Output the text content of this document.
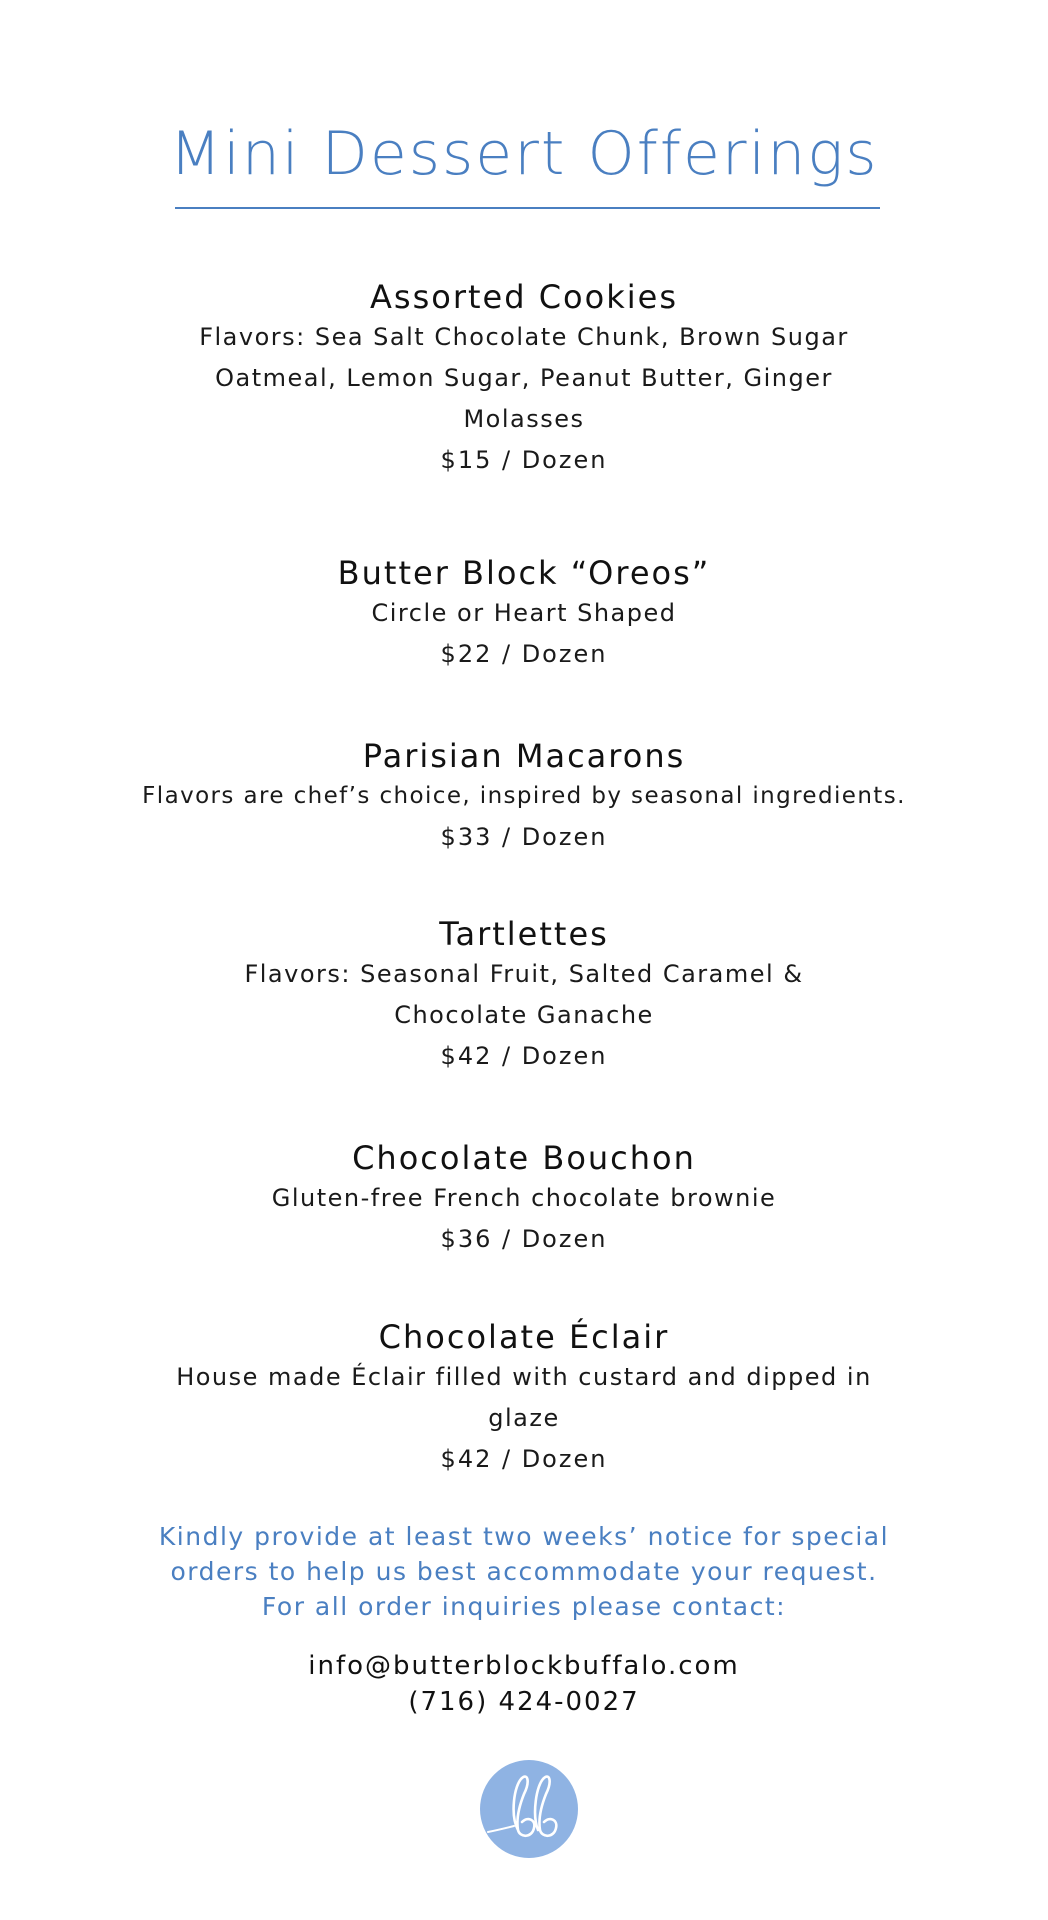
Mini Dessert Offerings
Assorted Cookies
Flavors: Sea Salt Chocolate Chunk, Brown Sugar Oatmeal, Lemon Sugar, Peanut Butter, Ginger Molasses
$15 / Dozen
Butter Block “Oreos”
Circle or Heart Shaped
$22 / Dozen
Parisian Macarons
Flavors are chef’s choice, inspired by seasonal ingredients.
$33 / Dozen
Tartlettes
Flavors: Seasonal Fruit, Salted Caramel & Chocolate Ganache
$42 / Dozen
Chocolate Bouchon
Gluten-free French chocolate brownie
$36 / Dozen
Chocolate Éclair
House made Éclair filled with custard and dipped in glaze
$42 / Dozen
Kindly provide at least two weeks’ notice for special
orders to help us best accommodate your request.
For all order inquiries please contact:
info@butterblockbuffalo.com
(716) 424-0027
